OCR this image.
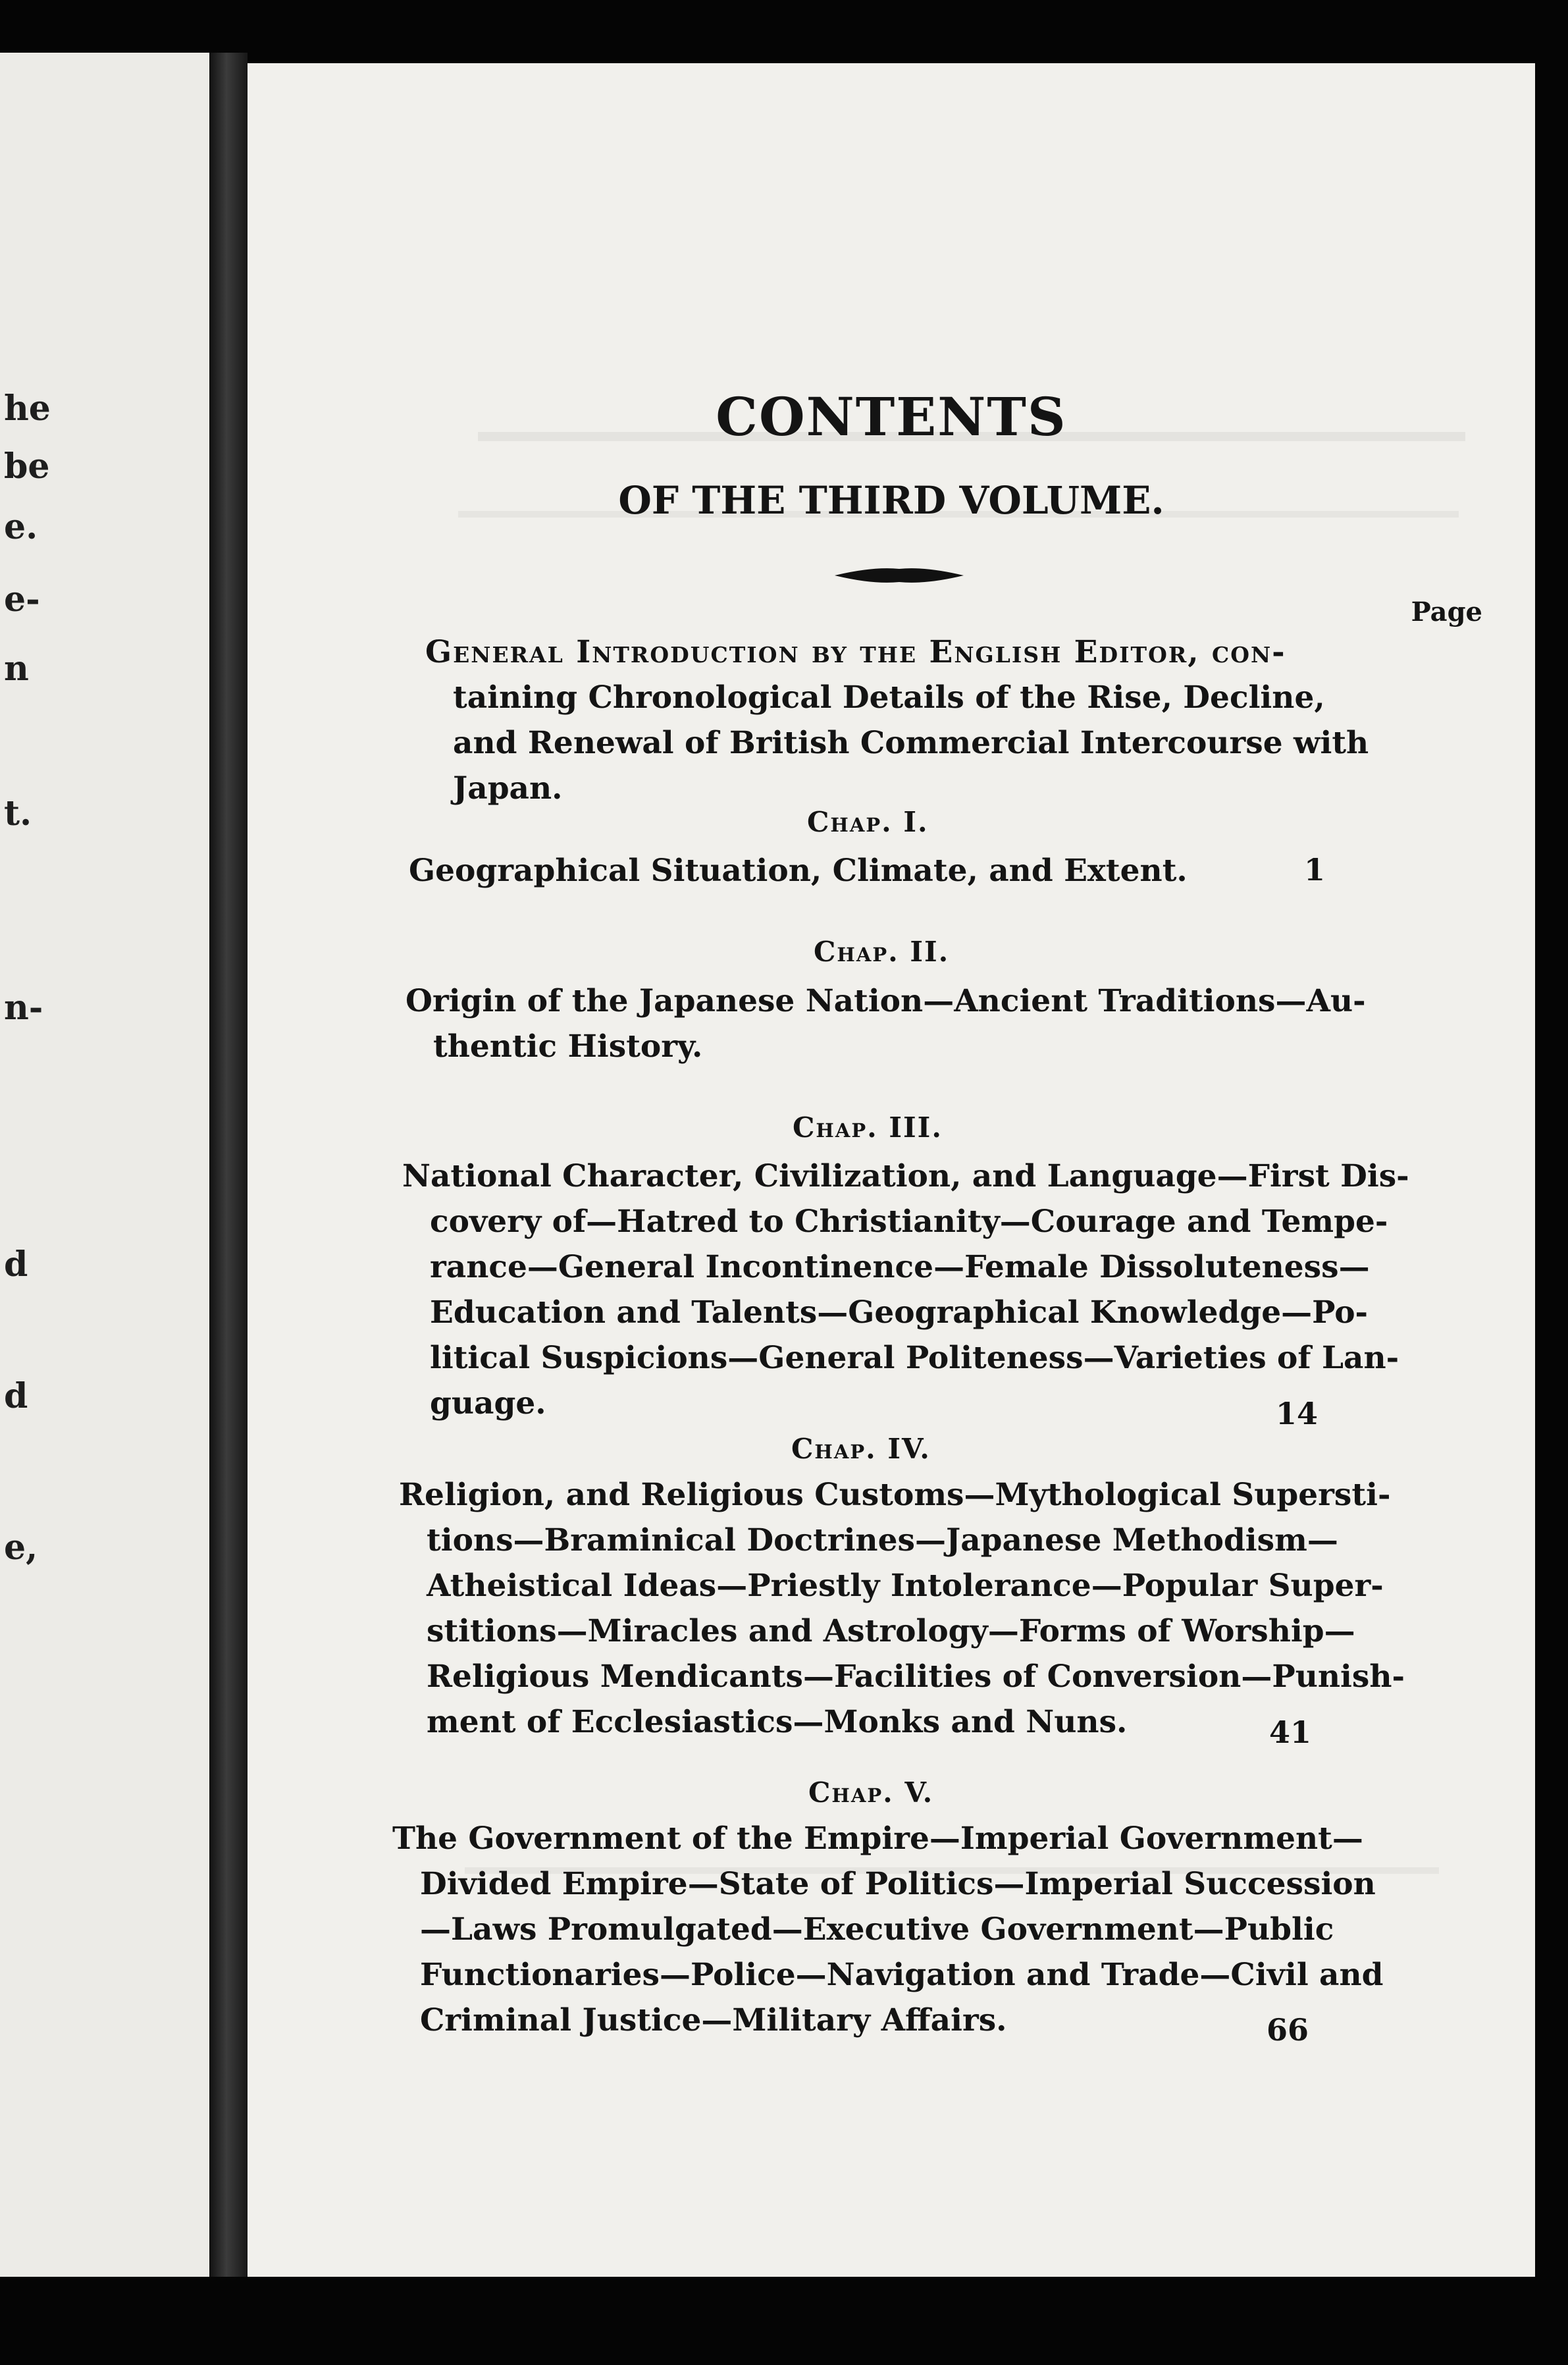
he
be
e.
e-
n
t.
n-
d
d
e,
CONTENTS
OF THE THIRD VOLUME.
Page
General Introduction by the English Editor, con-
taining Chronological Details of the Rise, Decline,
and Renewal of British Commercial Intercourse with
Japan.
Chap. I.
Geographical Situation, Climate, and Extent.	1
Chap. II.
Origin of the Japanese Nation—Ancient Traditions—Au-
thentic History.
Chap. III.
National Character, Civilization, and Language—First Dis-
covery of—Hatred to Christianity—Courage and Tempe-
rance—General Incontinence—Female Dissoluteness—
Education and Talents—Geographical Knowledge—Po-
litical Suspicions—General Politeness—Varieties of Lan-
guage.	14
Chap. IV.
Religion, and Religious Customs—Mythological Supersti-
tions—Braminical Doctrines—Japanese Methodism—
Atheistical Ideas—Priestly Intolerance—Popular Super-
stitions—Miracles and Astrology—Forms of Worship—
Religious Mendicants—Facilities of Conversion—Punish-
ment of Ecclesiastics—Monks and Nuns.	41
Chap. V.
The Government of the Empire—Imperial Government—
Divided Empire—State of Politics—Imperial Succession
—Laws Promulgated—Executive Government—Public
Functionaries—Police—Navigation and Trade—Civil and
Criminal Justice—Military Affairs.	66
